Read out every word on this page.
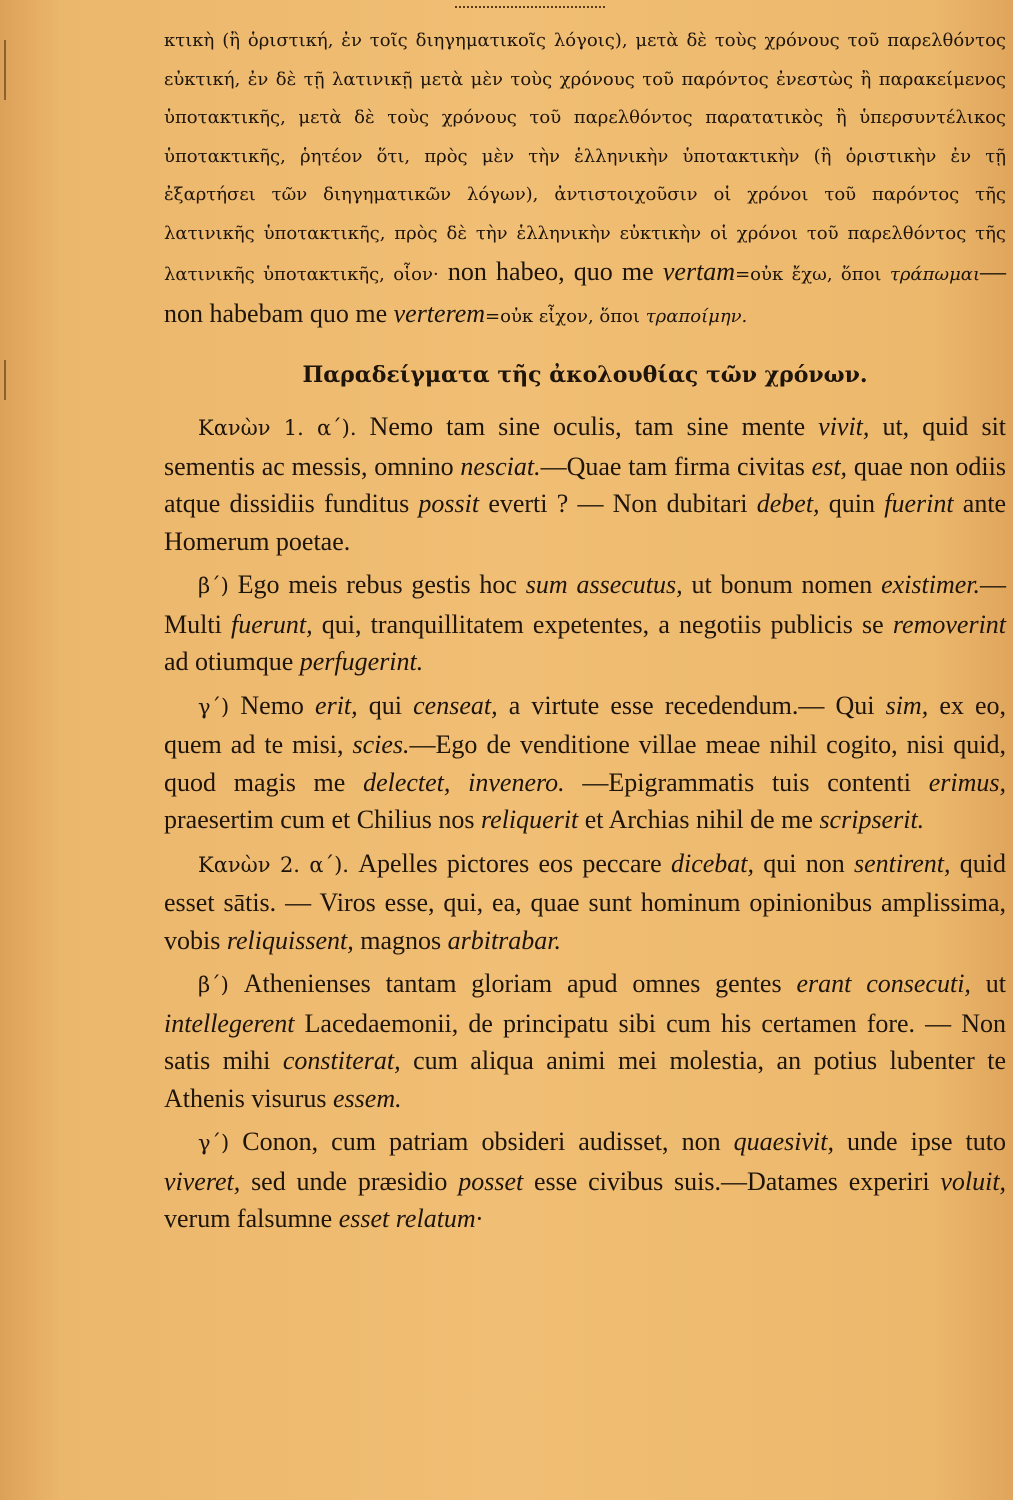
κτικὴ (ἢ ὁριστική, ἐν τοῖς διηγηματικοῖς λόγοις), μετὰ δὲ τοὺς χρόνους τοῦ παρελθόντος εὐκτική, ἐν δὲ τῇ λατινικῇ μετὰ μὲν τοὺς χρόνους τοῦ παρόντος ἐνεστὼς ἢ παρακείμενος ὑποτακτικῆς, μετὰ δὲ τοὺς χρόνους τοῦ παρελθόντος παρατατικὸς ἢ ὑπερσυντέλικος ὑποτακτικῆς, ῥητέον ὅτι, πρὸς μὲν τὴν ἑλληνικὴν ὑποτακτικὴν (ἢ ὁριστικὴν ἐν τῇ ἐξαρτήσει τῶν διηγηματικῶν λόγων), ἀντιστοιχοῦσιν οἱ χρόνοι τοῦ παρόντος τῆς λατινικῆς ὑποτακτικῆς, πρὸς δὲ τὴν ἑλληνικὴν εὐκτικὴν οἱ χρόνοι τοῦ παρελθόντος τῆς λατινικῆς ὑποτακτικῆς, οἷον· non habeo, quo me vertam=οὐκ ἔχω, ὅποι τράπωμαι—non habebam quo me verterem=οὐκ εἶχον, ὅποι τραποίμην.

Παραδείγματα τῆς ἀκολουθίας τῶν χρόνων.

Κανὼν 1. α΄). Nemo tam sine oculis, tam sine mente vivit, ut, quid sit sementis ac messis, omnino nesciat.—Quae tam firma civitas est, quae non odiis atque dissidiis funditus possit everti ? — Non dubitari debet, quin fuerint ante Homerum poetae.

β΄) Ego meis rebus gestis hoc sum assecutus, ut bonum nomen existimer.—Multi fuerunt, qui, tranquillitatem expetentes, a negotiis publicis se removerint ad otiumque perfugerint.

γ΄) Nemo erit, qui censeat, a virtute esse recedendum.— Qui sim, ex eo, quem ad te misi, scies.—Ego de venditione villae meae nihil cogito, nisi quid, quod magis me delectet, invenero. —Epigrammatis tuis contenti erimus, praesertim cum et Chilius nos reliquerit et Archias nihil de me scripserit.

Κανὼν 2. α΄). Apelles pictores eos peccare dicebat, qui non sentirent, quid esset sātis. — Viros esse, qui, ea, quae sunt hominum opinionibus amplissima, vobis reliquissent, magnos arbitrabar.

β΄) Athenienses tantam gloriam apud omnes gentes erant consecuti, ut intellegerent Lacedaemonii, de principatu sibi cum his certamen fore. — Non satis mihi constiterat, cum aliqua animi mei molestia, an potius lubenter te Athenis visurus essem.

γ΄) Conon, cum patriam obsideri audisset, non quaesivit, unde ipse tuto viveret, sed unde præsidio posset esse civibus suis.—Datames experiri voluit, verum falsumne esset relatum·
